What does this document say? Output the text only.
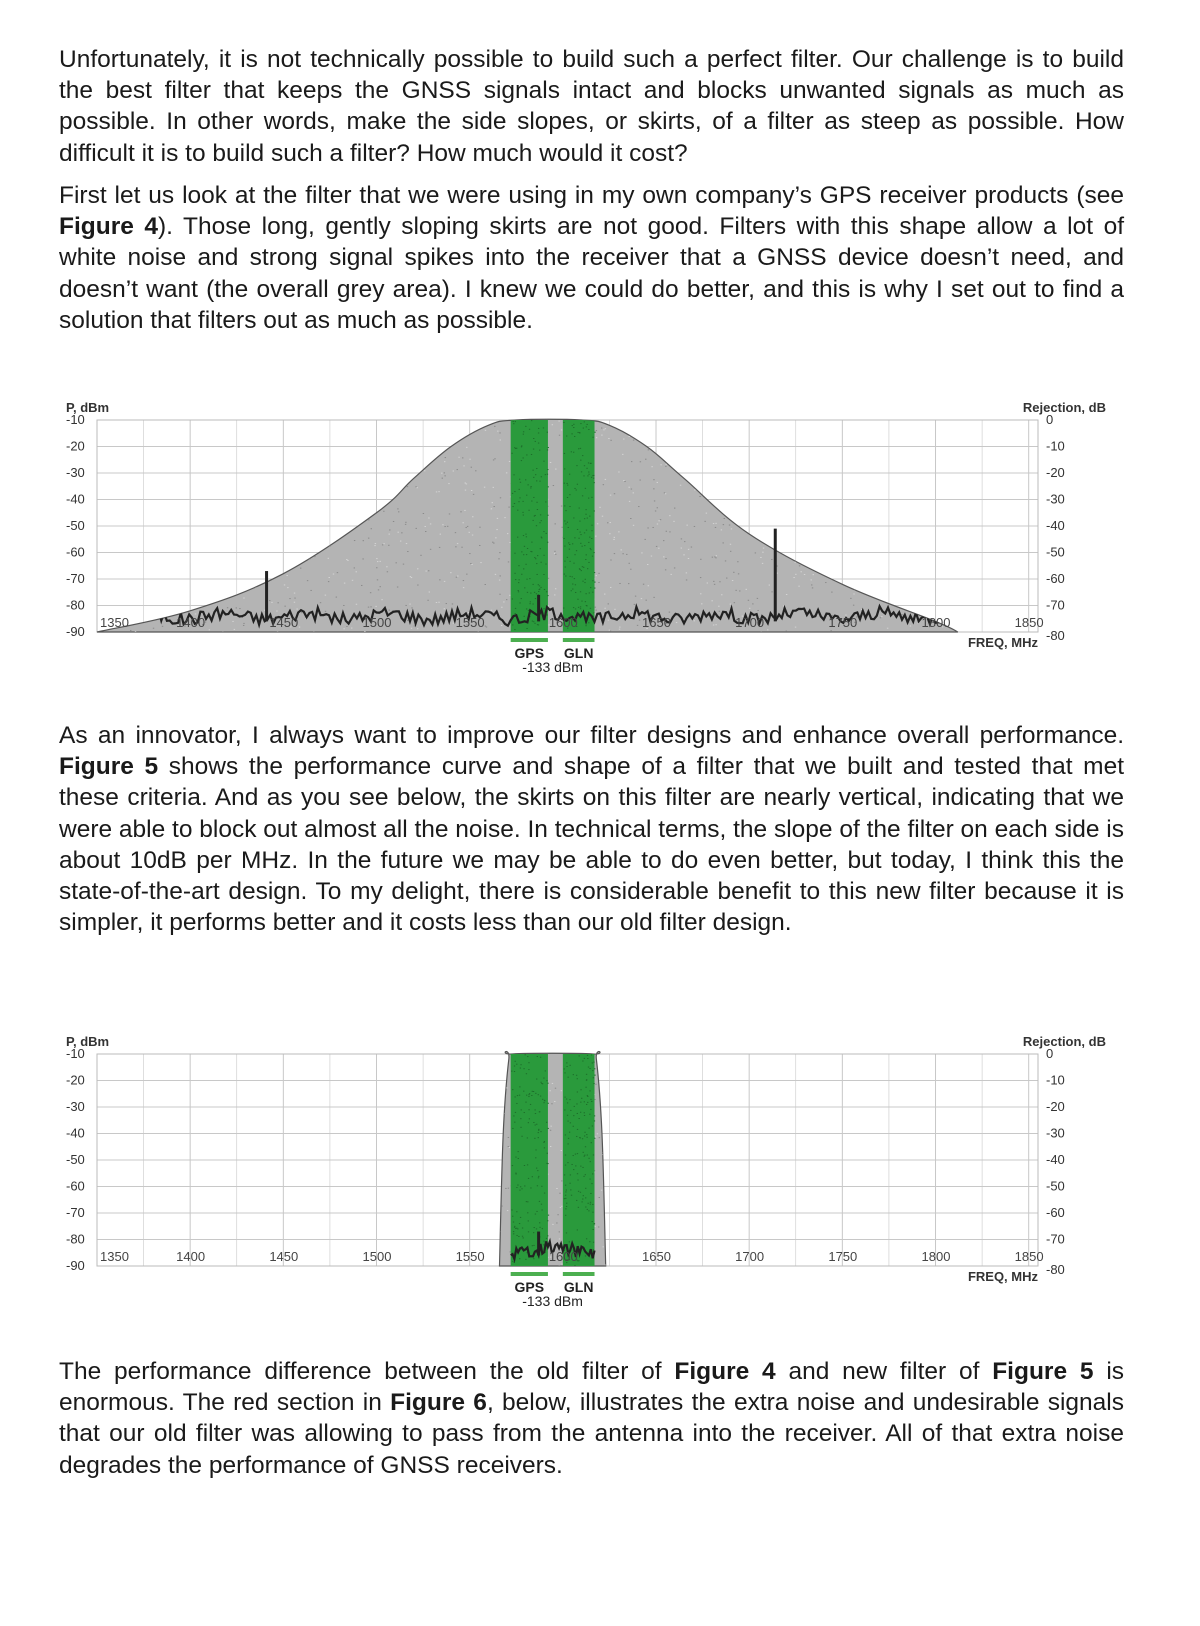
Unfortunately, it is not technically possible to build such a perfect filter. Our challenge is to build the best filter that keeps the GNSS signals intact and blocks unwanted signals as much as possible. In other words, make the side slopes, or skirts, of a filter as steep as possible. How difficult it is to build such a filter? How much would it cost?

First let us look at the filter that we were using in my own company’s GPS receiver products (see Figure 4). Those long, gently sloping skirts are not good. Filters with this shape allow a lot of white noise and strong signal spikes into the receiver that a GNSS device doesn’t need, and doesn’t want (the overall grey area). I knew we could do better, and this is why I set out to find a solution that filters out as much as possible.

P, dBm	Rejection, dB
-10
-20
-30
-40
-50
-60
-70
-80
-90
0
-10
-20
-30
-40
-50
-60
-70
-80
1350	1400	1450	1500	1550	1600	1650	1700	1750	1800	1850
FREQ, MHz
GPS GLN
-133 dBm

As an innovator, I always want to improve our filter designs and enhance overall performance. Figure 5 shows the performance curve and shape of a filter that we built and tested that met these criteria. And as you see below, the skirts on this filter are nearly vertical, indicating that we were able to block out almost all the noise. In technical terms, the slope of the filter on each side is about 10dB per MHz. In the future we may be able to do even better, but today, I think this the state-of-the-art design. To my delight, there is considerable benefit to this new filter because it is simpler, it performs better and it costs less than our old filter design.

P, dBm	Rejection, dB
-10
-20
-30
-40
-50
-60
-70
-80
-90
0
-10
-20
-30
-40
-50
-60
-70
-80
1350	1400	1450	1500	1550	1600	1650	1700	1750	1800	1850
FREQ, MHz
GPS GLN
-133 dBm

The performance difference between the old filter of Figure 4 and new filter of Figure 5 is enormous. The red section in Figure 6, below, illustrates the extra noise and undesirable signals that our old filter was allowing to pass from the antenna into the receiver. All of that extra noise degrades the performance of GNSS receivers.
